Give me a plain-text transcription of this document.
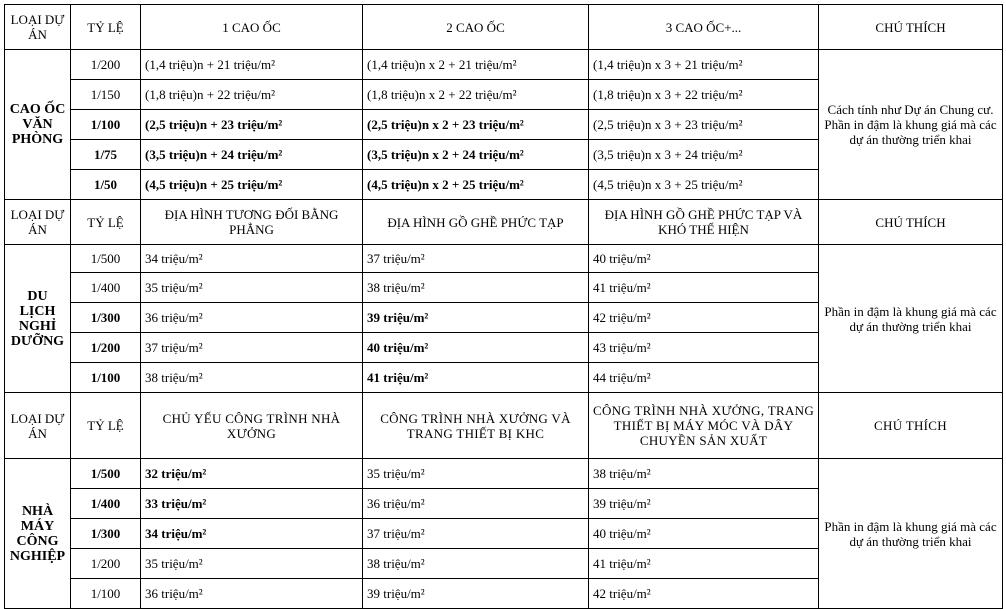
LOẠI DỰ ÁN	TỶ LỆ	1 CAO ỐC	2 CAO ỐC	3 CAO ỐC+...	CHÚ THÍCH
CAO ỐC VĂN PHÒNG	1/200	(1,4 triệu)n + 21 triệu/m²	(1,4 triệu)n x 2 + 21 triệu/m²	(1,4 triệu)n x 3 + 21 triệu/m²	Cách tính như Dự án Chung cư. Phần in đậm là khung giá mà các dự án thường triển khai
	1/150	(1,8 triệu)n + 22 triệu/m²	(1,8 triệu)n x 2 + 22 triệu/m²	(1,8 triệu)n x 3 + 22 triệu/m²	
	1/100	(2,5 triệu)n + 23 triệu/m²	(2,5 triệu)n x 2 + 23 triệu/m²	(2,5 triệu)n x 3 + 23 triệu/m²	
	1/75	(3,5 triệu)n + 24 triệu/m²	(3,5 triệu)n x 2 + 24 triệu/m²	(3,5 triệu)n x 3 + 24 triệu/m²	
	1/50	(4,5 triệu)n + 25 triệu/m²	(4,5 triệu)n x 2 + 25 triệu/m²	(4,5 triệu)n x 3 + 25 triệu/m²	
LOẠI DỰ ÁN	TỶ LỆ	ĐỊA HÌNH TƯƠNG ĐỐI BẰNG PHẲNG	ĐỊA HÌNH GỒ GHỀ PHỨC TẠP	ĐỊA HÌNH GỒ GHỀ PHỨC TẠP VÀ KHÓ THỂ HIỆN	CHÚ THÍCH
DU LỊCH NGHỈ DƯỠNG	1/500	34 triệu/m²	37 triệu/m²	40 triệu/m²	Phần in đậm là khung giá mà các dự án thường triển khai
	1/400	35 triệu/m²	38 triệu/m²	41 triệu/m²	
	1/300	36 triệu/m²	39 triệu/m²	42 triệu/m²	
	1/200	37 triệu/m²	40 triệu/m²	43 triệu/m²	
	1/100	38 triệu/m²	41 triệu/m²	44 triệu/m²	
LOẠI DỰ ÁN	TỶ LỆ	CHỦ YẾU CÔNG TRÌNH NHÀ XƯỞNG	CÔNG TRÌNH NHÀ XƯỞNG VÀ TRANG THIẾT BỊ KHC	CÔNG TRÌNH NHÀ XƯỞNG, TRANG THIẾT BỊ MÁY MÓC VÀ DÂY CHUYỀN SẢN XUẤT	CHÚ THÍCH
NHÀ MÁY CÔNG NGHIỆP	1/500	32 triệu/m²	35 triệu/m²	38 triệu/m²	Phần in đậm là khung giá mà các dự án thường triển khai
	1/400	33 triệu/m²	36 triệu/m²	39 triệu/m²	
	1/300	34 triệu/m²	37 triệu/m²	40 triệu/m²	
	1/200	35 triệu/m²	38 triệu/m²	41 triệu/m²	
	1/100	36 triệu/m²	39 triệu/m²	42 triệu/m²	
